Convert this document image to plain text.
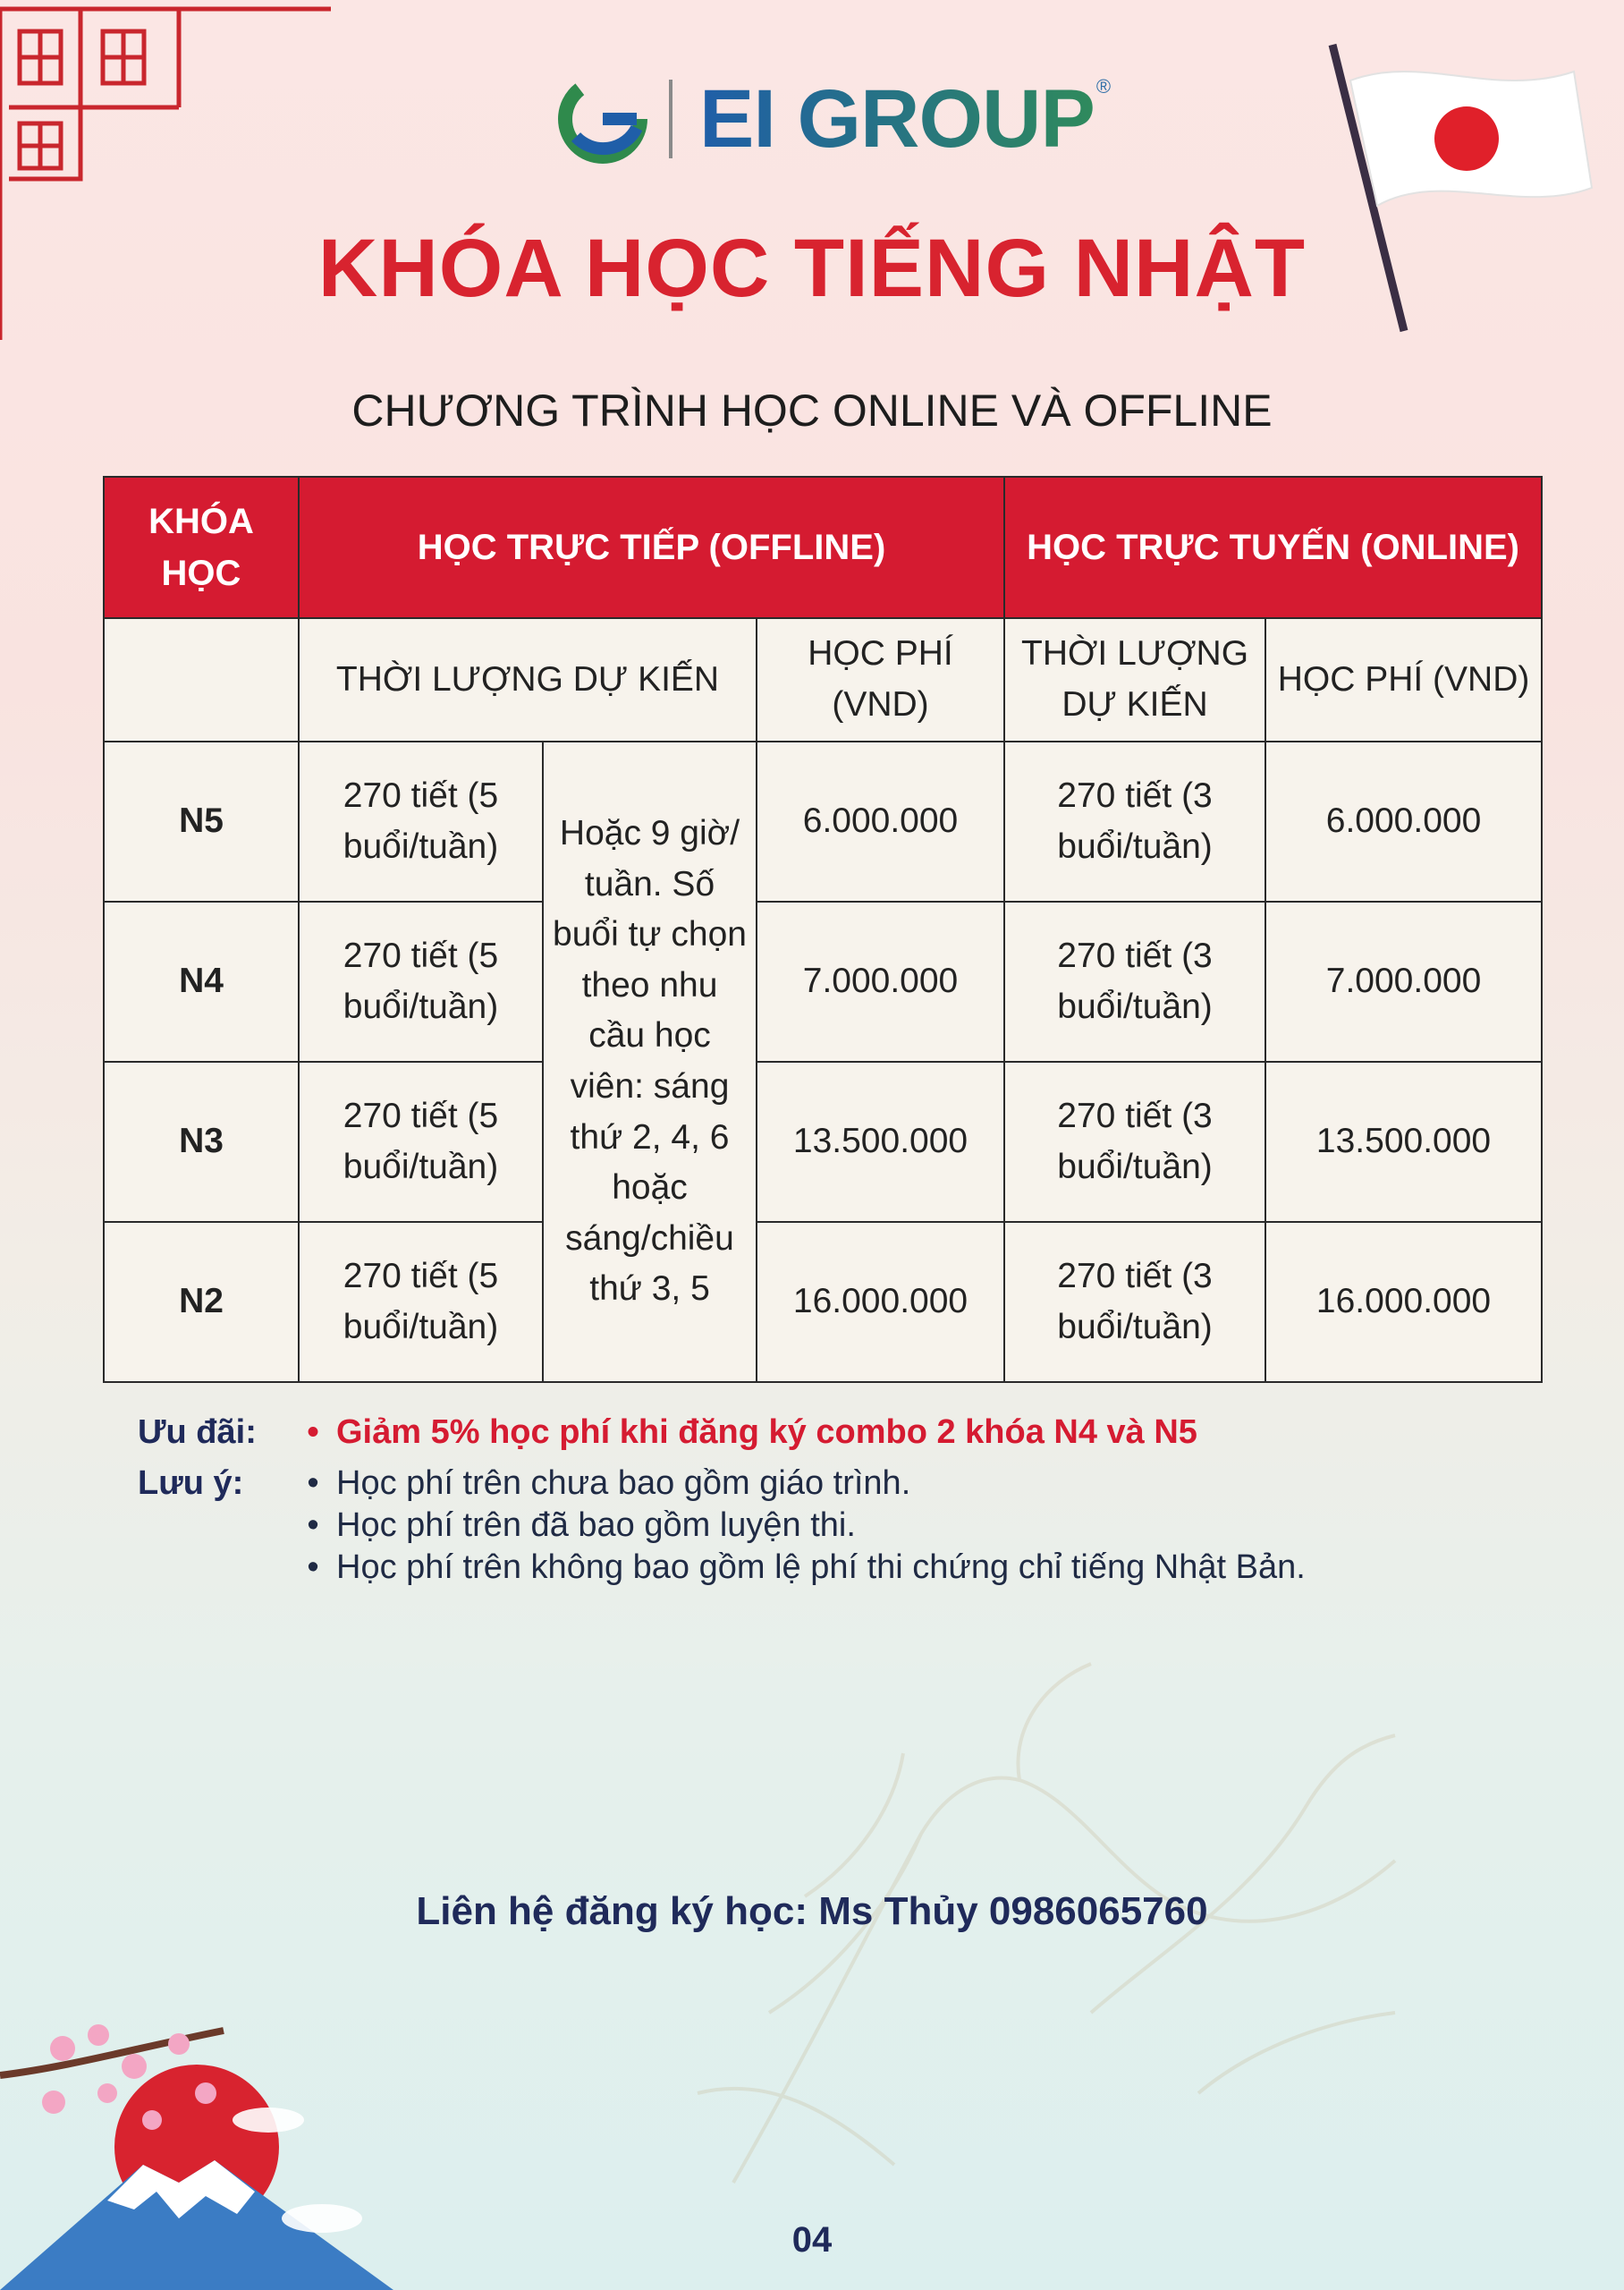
EI GROUP ®
KHÓA HỌC TIẾNG NHẬT
CHƯƠNG TRÌNH HỌC ONLINE VÀ OFFLINE
KHÓA HỌC	HỌC TRỰC TIẾP (OFFLINE)			HỌC TRỰC TUYẾN (ONLINE)	
	THỜI LƯỢNG DỰ KIẾN		HỌC PHÍ (VND)	THỜI LƯỢNG DỰ KIẾN	HỌC PHÍ (VND)
N5	270 tiết (5 buổi/tuần)	Hoặc 9 giờ/ tuần. Số buổi tự chọn theo nhu cầu học viên: sáng thứ 2, 4, 6 hoặc sáng/chiều thứ 3, 5	6.000.000	270 tiết (3 buổi/tuần)	6.000.000
N4	270 tiết (5 buổi/tuần)		7.000.000	270 tiết (3 buổi/tuần)	7.000.000
N3	270 tiết (5 buổi/tuần)		13.500.000	270 tiết (3 buổi/tuần)	13.500.000
N2	270 tiết (5 buổi/tuần)		16.000.000	270 tiết (3 buổi/tuần)	16.000.000
Ưu đãi:	• Giảm 5% học phí khi đăng ký combo 2 khóa N4 và N5
Lưu ý:	• Học phí trên chưa bao gồm giáo trình.
• Học phí trên đã bao gồm luyện thi.
• Học phí trên không bao gồm lệ phí thi chứng chỉ tiếng Nhật Bản.
Liên hệ đăng ký học: Ms Thủy 0986065760
04
